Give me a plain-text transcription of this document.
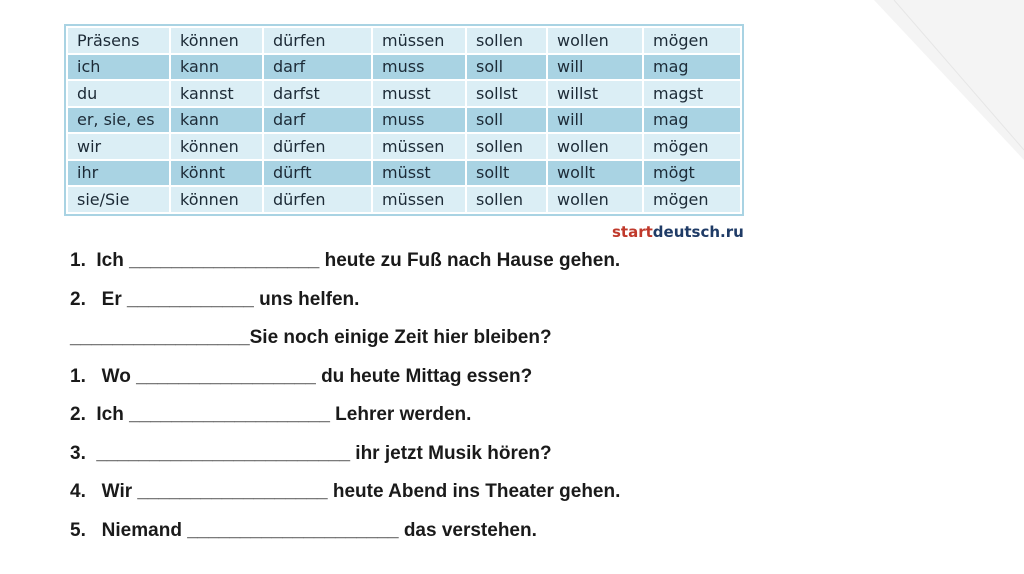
Präsens	können	dürfen	müssen	sollen	wollen	mögen
ich	kann	darf	muss	soll	will	mag
du	kannst	darfst	musst	sollst	willst	magst
er, sie, es	kann	darf	muss	soll	will	mag
wir	können	dürfen	müssen	sollen	wollen	mögen
ihr	könnt	dürft	müsst	sollt	wollt	mögt
sie/Sie	können	dürfen	müssen	sollen	wollen	mögen
startdeutsch.ru
1.  Ich __________________ heute zu Fuß nach Hause gehen.
2.   Er ____________ uns helfen.
_________________Sie noch einige Zeit hier bleiben?
1.   Wo _________________ du heute Mittag essen?
2.  Ich ___________________ Lehrer werden.
3.  ________________________ ihr jetzt Musik hören?
4.   Wir __________________ heute Abend ins Theater gehen.
5.   Niemand ____________________ das verstehen.
